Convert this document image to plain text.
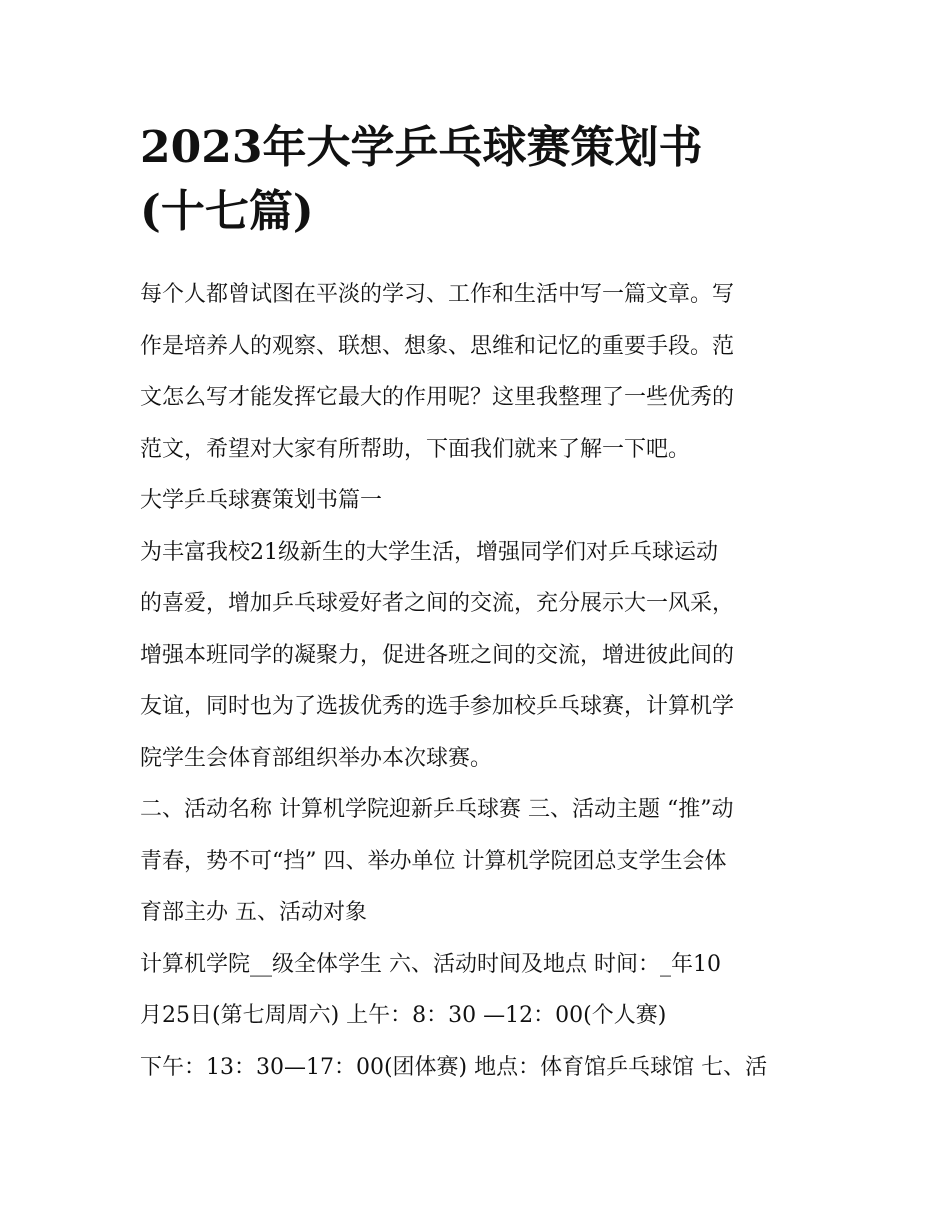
2023年大学乒乓球赛策划书
(十七篇)

每个人都曾试图在平淡的学习、工作和生活中写一篇文章。写
作是培养人的观察、联想、想象、思维和记忆的重要手段。范
文怎么写才能发挥它最大的作用呢？这里我整理了一些优秀的
范文，希望对大家有所帮助，下面我们就来了解一下吧。

大学乒乓球赛策划书篇一

为丰富我校21级新生的大学生活，增强同学们对乒乓球运动
的喜爱，增加乒乓球爱好者之间的交流，充分展示大一风采，
增强本班同学的凝聚力，促进各班之间的交流，增进彼此间的
友谊，同时也为了选拔优秀的选手参加校乒乓球赛，计算机学
院学生会体育部组织举办本次球赛。

二、活动名称 计算机学院迎新乒乓球赛 三、活动主题 “推”动
青春，势不可“挡” 四、举办单位 计算机学院团总支学生会体
育部主办 五、活动对象

计算机学院__级全体学生 六、活动时间及地点 时间：_年10
月25日(第七周周六) 上午：8：30 —12：00(个人赛)

下午：13：30—17：00(团体赛) 地点：体育馆乒乓球馆 七、活
